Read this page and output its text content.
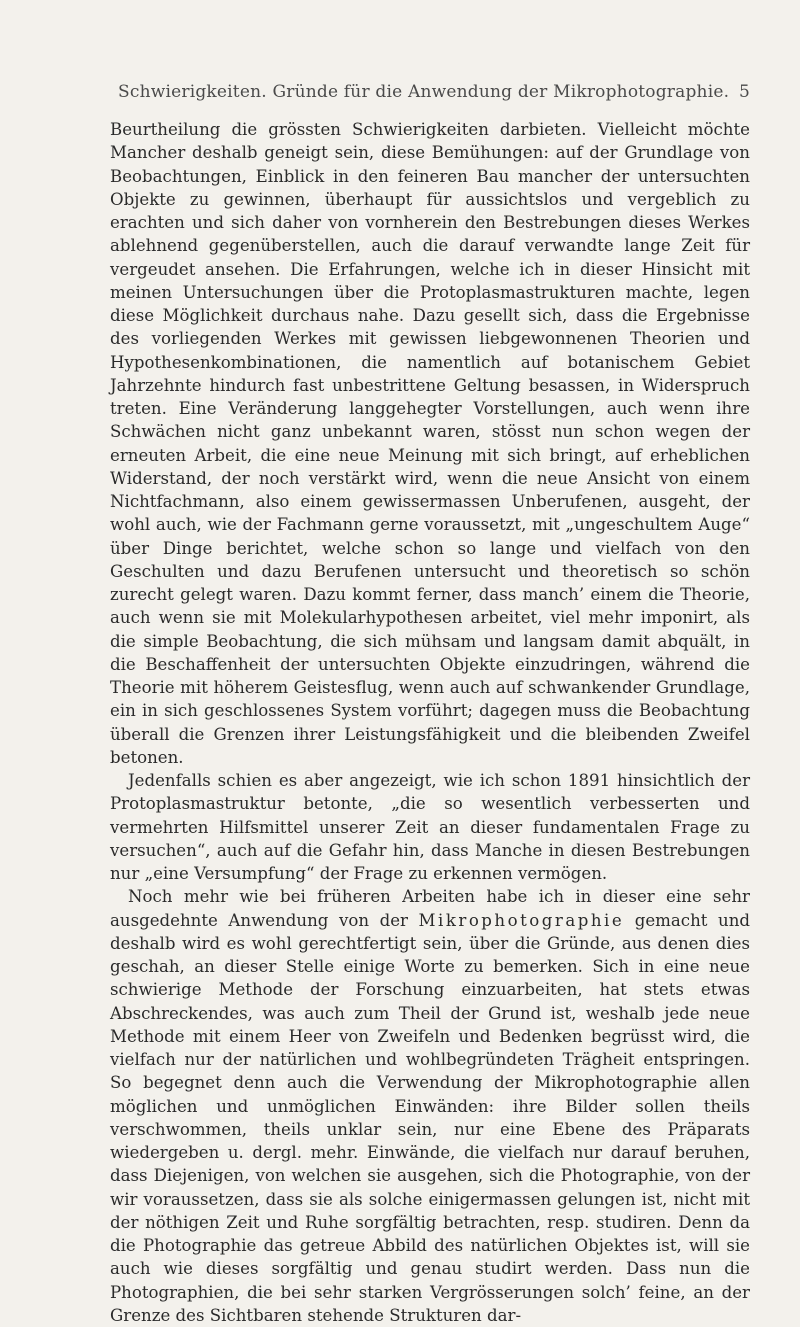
Schwierigkeiten. Gründe für die Anwendung der Mikrophotographie. 5

Beurtheilung die grössten Schwierigkeiten darbieten. Vielleicht möchte Mancher deshalb geneigt sein, diese Bemühungen: auf der Grundlage von Beobachtungen, Einblick in den feineren Bau mancher der untersuchten Objekte zu gewinnen, überhaupt für aussichtslos und vergeblich zu erachten und sich daher von vornherein den Bestrebungen dieses Werkes ablehnend gegenüberstellen, auch die darauf verwandte lange Zeit für vergeudet ansehen. Die Erfahrungen, welche ich in dieser Hinsicht mit meinen Untersuchungen über die Protoplasmastrukturen machte, legen diese Möglichkeit durchaus nahe. Dazu gesellt sich, dass die Ergebnisse des vorliegenden Werkes mit gewissen liebgewonnenen Theorien und Hypothesenkombinationen, die namentlich auf botanischem Gebiet Jahrzehnte hindurch fast unbestrittene Geltung besassen, in Widerspruch treten. Eine Veränderung langgehegter Vorstellungen, auch wenn ihre Schwächen nicht ganz unbekannt waren, stösst nun schon wegen der erneuten Arbeit, die eine neue Meinung mit sich bringt, auf erheblichen Widerstand, der noch verstärkt wird, wenn die neue Ansicht von einem Nichtfachmann, also einem gewissermassen Unberufenen, ausgeht, der wohl auch, wie der Fachmann gerne voraussetzt, mit „ungeschultem Auge“ über Dinge berichtet, welche schon so lange und vielfach von den Geschulten und dazu Berufenen untersucht und theoretisch so schön zurecht gelegt waren. Dazu kommt ferner, dass manch’ einem die Theorie, auch wenn sie mit Molekularhypothesen arbeitet, viel mehr imponirt, als die simple Beobachtung, die sich mühsam und langsam damit abquält, in die Beschaffenheit der untersuchten Objekte einzudringen, während die Theorie mit höherem Geistesflug, wenn auch auf schwankender Grundlage, ein in sich geschlossenes System vorführt; dagegen muss die Beobachtung überall die Grenzen ihrer Leistungsfähigkeit und die bleibenden Zweifel betonen.

Jedenfalls schien es aber angezeigt, wie ich schon 1891 hinsichtlich der Protoplasmastruktur betonte, „die so wesentlich verbesserten und vermehrten Hilfsmittel unserer Zeit an dieser fundamentalen Frage zu versuchen“, auch auf die Gefahr hin, dass Manche in diesen Bestrebungen nur „eine Versumpfung“ der Frage zu erkennen vermögen.

Noch mehr wie bei früheren Arbeiten habe ich in dieser eine sehr ausgedehnte Anwendung von der Mikrophotographie gemacht und deshalb wird es wohl gerechtfertigt sein, über die Gründe, aus denen dies geschah, an dieser Stelle einige Worte zu bemerken. Sich in eine neue schwierige Methode der Forschung einzuarbeiten, hat stets etwas Abschreckendes, was auch zum Theil der Grund ist, weshalb jede neue Methode mit einem Heer von Zweifeln und Bedenken begrüsst wird, die vielfach nur der natürlichen und wohlbegründeten Trägheit entspringen. So begegnet denn auch die Verwendung der Mikrophotographie allen möglichen und unmöglichen Einwänden: ihre Bilder sollen theils verschwommen, theils unklar sein, nur eine Ebene des Präparats wiedergeben u. dergl. mehr. Einwände, die vielfach nur darauf beruhen, dass Diejenigen, von welchen sie ausgehen, sich die Photographie, von der wir voraussetzen, dass sie als solche einigermassen gelungen ist, nicht mit der nöthigen Zeit und Ruhe sorgfältig betrachten, resp. studiren. Denn da die Photographie das getreue Abbild des natürlichen Objektes ist, will sie auch wie dieses sorgfältig und genau studirt werden. Dass nun die Photographien, die bei sehr starken Vergrösserungen solch’ feine, an der Grenze des Sichtbaren stehende Strukturen dar-
